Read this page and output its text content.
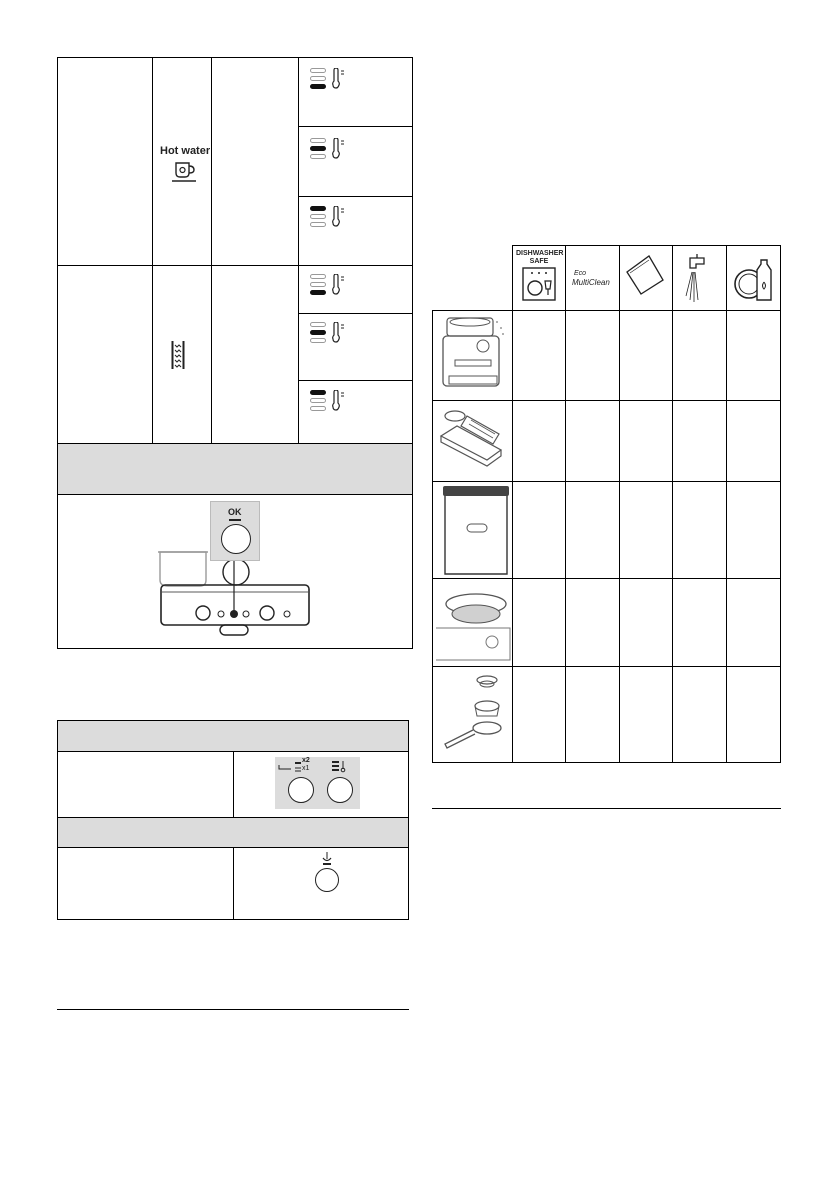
Hot water
OK
x2
x1
DISHWASHER
SAFE
Eco
MultiClean
